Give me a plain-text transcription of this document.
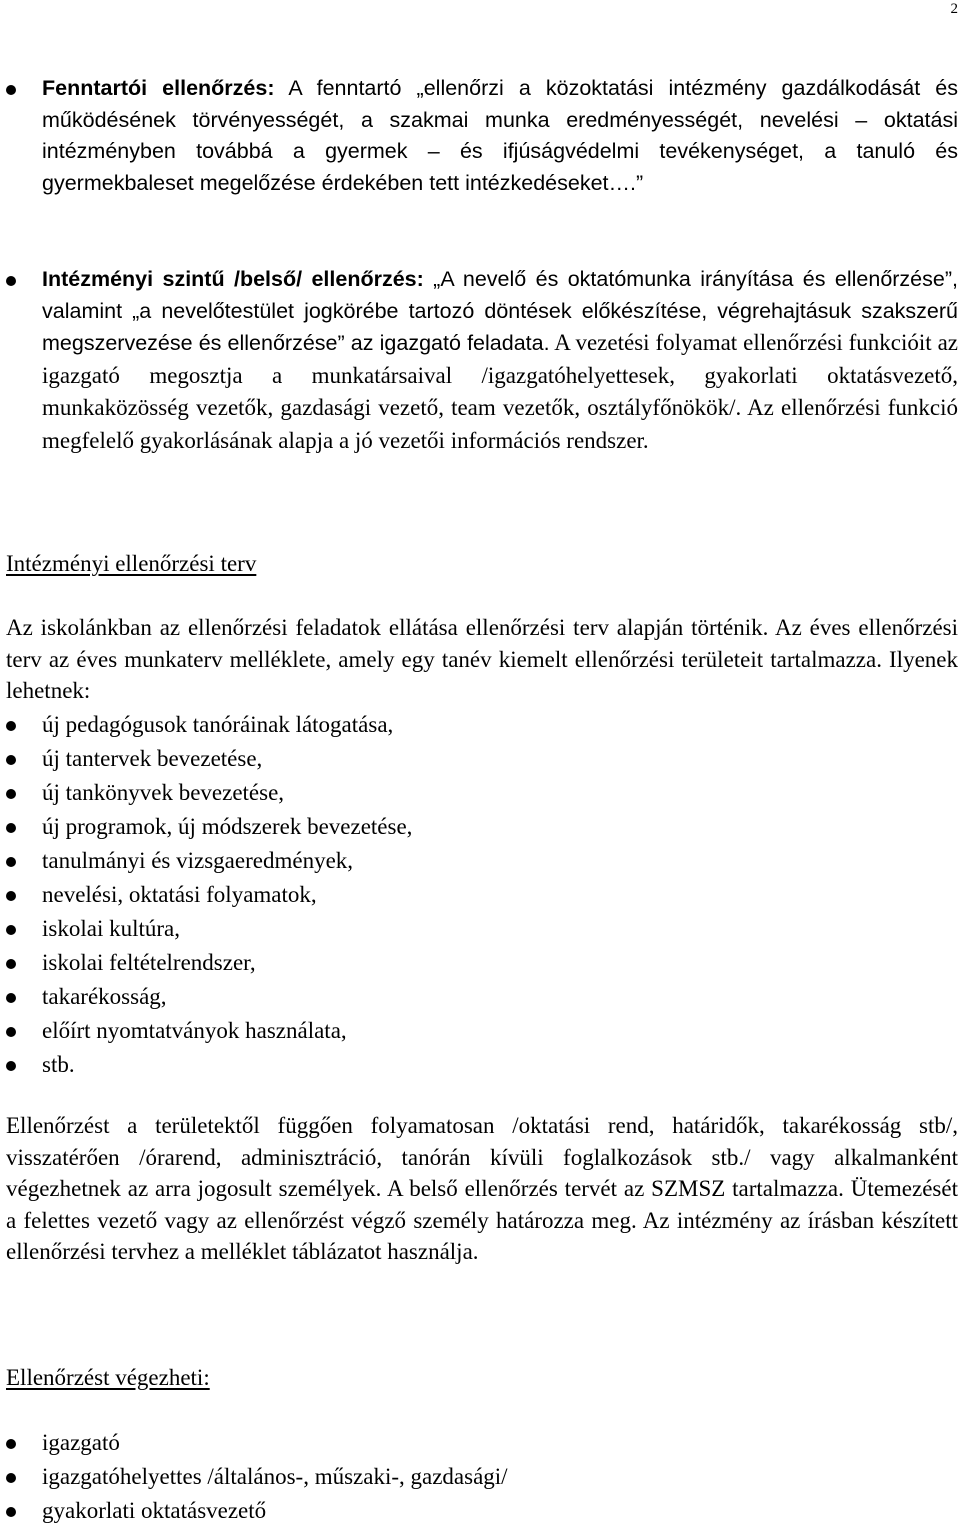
2
Fenntartói ellenőrzés: A fenntartó „ellenőrzi a közoktatási intézmény gazdálkodását és működésének törvényességét, a szakmai munka eredményességét, nevelési – oktatási intézményben továbbá a gyermek – és ifjúságvédelmi tevékenységet, a tanuló és gyermekbaleset megelőzése érdekében tett intézkedéseket….”
Intézményi szintű /belső/ ellenőrzés: „A nevelő és oktatómunka irányítása és ellenőrzése”, valamint „a nevelőtestület jogkörébe tartozó döntések előkészítése, végrehajtásuk szakszerű megszervezése és ellenőrzése” az igazgató feladata. A vezetési folyamat ellenőrzési funkcióit az igazgató megosztja a munkatársaival /igazgatóhelyettesek, gyakorlati oktatásvezető, munkaközösség vezetők, gazdasági vezető, team vezetők, osztályfőnökök/. Az ellenőrzési funkció megfelelő gyakorlásának alapja a jó vezetői információs rendszer.
Intézményi ellenőrzési terv
Az iskolánkban az ellenőrzési feladatok ellátása ellenőrzési terv alapján történik. Az éves ellenőrzési terv az éves munkaterv melléklete, amely egy tanév kiemelt ellenőrzési területeit tartalmazza. Ilyenek lehetnek:
új pedagógusok tanóráinak látogatása,
új tantervek bevezetése,
új tankönyvek bevezetése,
új programok, új módszerek bevezetése,
tanulmányi és vizsgaeredmények,
nevelési, oktatási folyamatok,
iskolai kultúra,
iskolai feltételrendszer,
takarékosság,
előírt nyomtatványok használata,
stb.
Ellenőrzést a területektől függően folyamatosan /oktatási rend, határidők, takarékosság stb/, visszatérően /órarend, adminisztráció, tanórán kívüli foglalkozások stb./ vagy alkalmanként végezhetnek az arra jogosult személyek. A belső ellenőrzés tervét az SZMSZ tartalmazza. Ütemezését a felettes vezető vagy az ellenőrzést végző személy határozza meg. Az intézmény az írásban készített ellenőrzési tervhez a melléklet táblázatot használja.
Ellenőrzést végezheti:
igazgató
igazgatóhelyettes /általános-, műszaki-, gazdasági/
gyakorlati oktatásvezető
